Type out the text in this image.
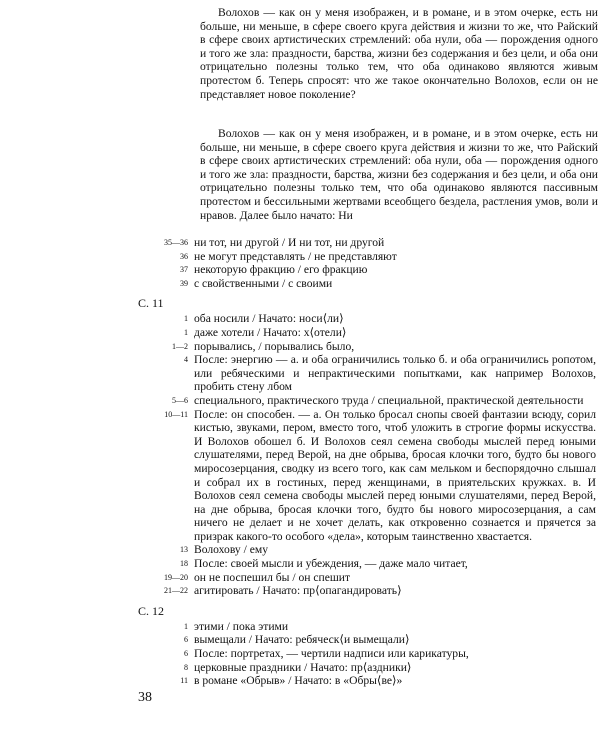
Волохов — как он у меня изображен, и в романе, и в этом очерке, есть ни больше, ни меньше, в сфере своего круга действия и жизни то же, что Райский в сфере своих артистических стремлений: оба нули, оба — порождения одного и того же зла: праздности, барства, жизни без содержания и без цели, и оба они отрицательно полезны только тем, что оба одинаково являются живым протестом б. Теперь спросят: что же такое окончательно Волохов, если он не представляет новое поколение?

Волохов — как он у меня изображен, и в романе, и в этом очерке, есть ни больше, ни меньше, в сфере своего круга действия и жизни то же, что Райский в сфере своих артистических стремлений: оба нули, оба — порождения одного и того же зла: праздности, барства, жизни без содержания и без цели, и оба они отрицательно полезны только тем, что оба одинаково являются пассивным протестом и бессильными жертвами всеобщего бездела, растления умов, воли и нравов. Далее было начато: Ни

35—36 ни тот, ни другой / И ни тот, ни другой
36 не могут представлять / не представляют
37 некоторую фракцию / его фракцию
39 с свойственными / с своими
С. 11
1 оба носили / Начато: носи⟨ли⟩
1 даже хотели / Начато: х⟨отели⟩
1—2 порывались, / порывались было,
4 После: энергию — а. и оба ограничились только б. и оба ограничились ропотом, или ребяческими и непрактическими попытками, как например Волохов, пробить стену лбом
5—6 специального, практического труда / специальной, практической деятельности
10—11 После: он способен. — а. Он только бросал снопы своей фантазии всюду, сорил кистью, звуками, пером, вместо того, чтоб уложить в строгие формы искусства. И Волохов обошел б. И Волохов сеял семена свободы мыслей перед юными слушателями, перед Верой, на дне обрыва, бросая клочки того, будто бы нового миросозерцания, сводку из всего того, как сам мельком и беспорядочно слышал и собрал их в гостиных, перед женщинами, в приятельских кружках. в. И Волохов сеял семена свободы мыслей перед юными слушателями, перед Верой, на дне обрыва, бросая клочки того, будто бы нового миросозерцания, а сам ничего не делает и не хочет делать, как откровенно сознается и прячется за призрак какого-то особого «дела», которым таинственно хвастается.
13 Волохову / ему
18 После: своей мысли и убеждения, — даже мало читает,
19—20 он не поспешил бы / он спешит
21—22 агитировать / Начато: пр⟨опагандировать⟩
С. 12
1 этими / пока этими
6 вымещали / Начато: ребяческ⟨и вымещали⟩
6 После: портретах, — чертили надписи или карикатуры,
8 церковные праздники / Начато: пр⟨аздники⟩
11 в романе «Обрыв» / Начато: в «Обры⟨ве⟩»
38
